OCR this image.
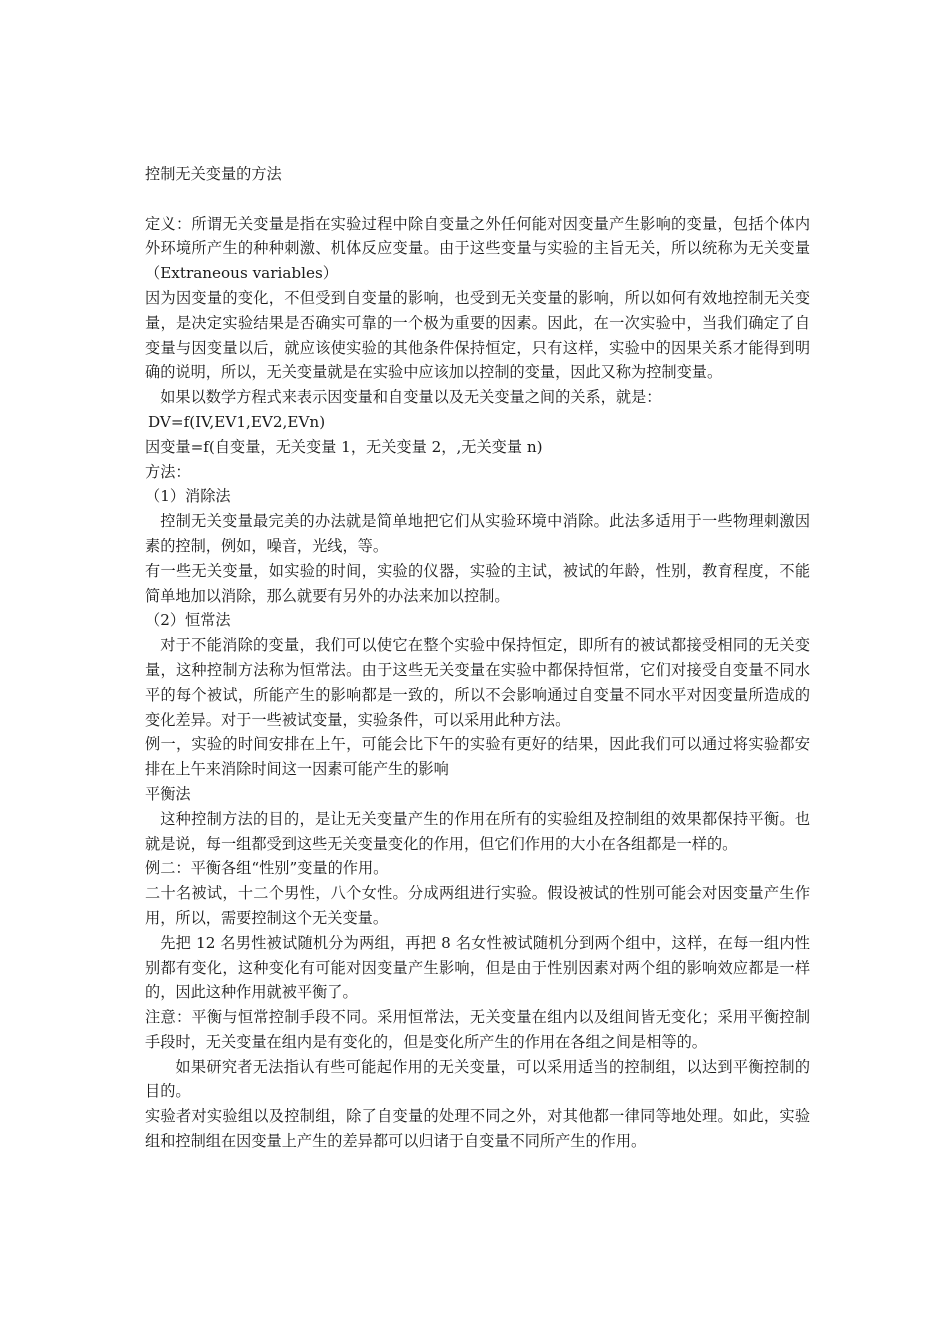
控制无关变量的方法

定义：所谓无关变量是指在实验过程中除自变量之外任何能对因变量产生影响的变量，包括个体内外环境所产生的种种刺激、机体反应变量。由于这些变量与实验的主旨无关，所以统称为无关变量（Extraneous variables）

因为因变量的变化，不但受到自变量的影响，也受到无关变量的影响，所以如何有效地控制无关变量，是决定实验结果是否确实可靠的一个极为重要的因素。因此，在一次实验中，当我们确定了自变量与因变量以后，就应该使实验的其他条件保持恒定，只有这样，实验中的因果关系才能得到明确的说明，所以，无关变量就是在实验中应该加以控制的变量，因此又称为控制变量。

如果以数学方程式来表示因变量和自变量以及无关变量之间的关系，就是：

DV=f(IV,EV1,EV2,EVn)

因变量=f(自变量，无关变量 1，无关变量 2，,无关变量 n)

方法：

（1）消除法

控制无关变量最完美的办法就是简单地把它们从实验环境中消除。此法多适用于一些物理刺激因素的控制，例如，噪音，光线，等。

有一些无关变量，如实验的时间，实验的仪器，实验的主试，被试的年龄，性别，教育程度，不能简单地加以消除，那么就要有另外的办法来加以控制。

（2）恒常法

对于不能消除的变量，我们可以使它在整个实验中保持恒定，即所有的被试都接受相同的无关变量，这种控制方法称为恒常法。由于这些无关变量在实验中都保持恒常，它们对接受自变量不同水平的每个被试，所能产生的影响都是一致的，所以不会影响通过自变量不同水平对因变量所造成的变化差异。对于一些被试变量，实验条件，可以采用此种方法。

例一，实验的时间安排在上午，可能会比下午的实验有更好的结果，因此我们可以通过将实验都安排在上午来消除时间这一因素可能产生的影响

平衡法

这种控制方法的目的，是让无关变量产生的作用在所有的实验组及控制组的效果都保持平衡。也就是说，每一组都受到这些无关变量变化的作用，但它们作用的大小在各组都是一样的。

例二：平衡各组“性别”变量的作用。

二十名被试，十二个男性，八个女性。分成两组进行实验。假设被试的性别可能会对因变量产生作用，所以，需要控制这个无关变量。

先把 12 名男性被试随机分为两组，再把 8 名女性被试随机分到两个组中，这样，在每一组内性别都有变化，这种变化有可能对因变量产生影响，但是由于性别因素对两个组的影响效应都是一样的，因此这种作用就被平衡了。

注意：平衡与恒常控制手段不同。采用恒常法，无关变量在组内以及组间皆无变化；采用平衡控制手段时，无关变量在组内是有变化的，但是变化所产生的作用在各组之间是相等的。

如果研究者无法指认有些可能起作用的无关变量，可以采用适当的控制组，以达到平衡控制的目的。

实验者对实验组以及控制组，除了自变量的处理不同之外，对其他都一律同等地处理。如此，实验组和控制组在因变量上产生的差异都可以归诸于自变量不同所产生的作用。
